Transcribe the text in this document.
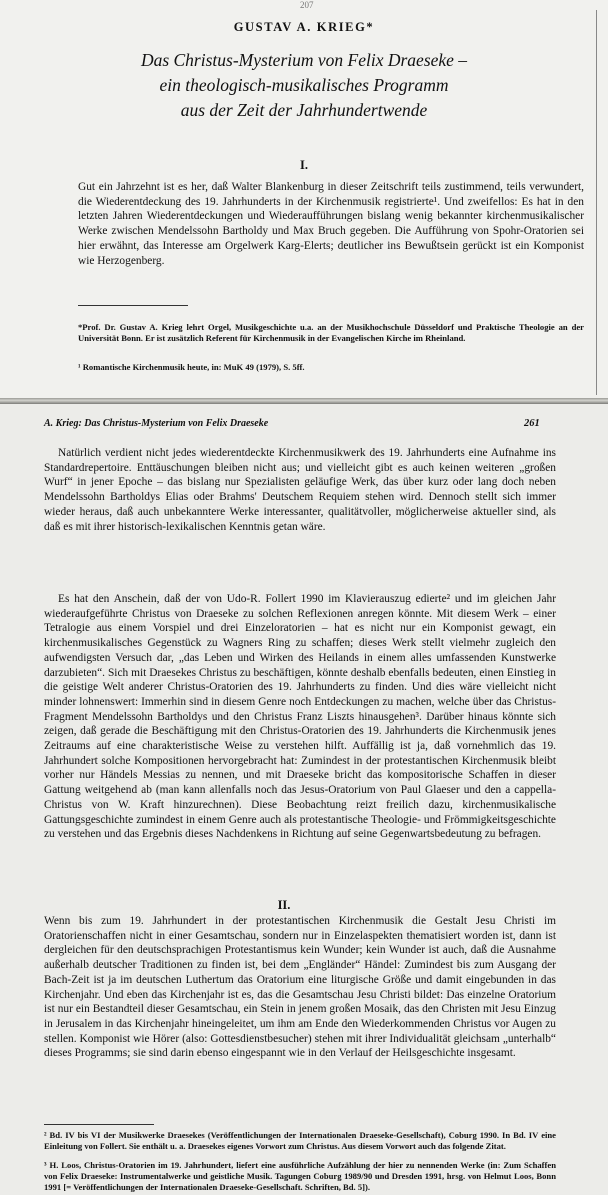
207
GUSTAV A. KRIEG*
Das Christus-Mysterium von Felix Draeseke –
ein theologisch-musikalisches Programm
aus der Zeit der Jahrhundertwende
I.

Gut ein Jahrzehnt ist es her, daß Walter Blankenburg in dieser Zeitschrift teils zustimmend, teils verwundert, die Wiederentdeckung des 19. Jahrhunderts in der Kirchenmusik registrierte¹. Und zweifellos: Es hat in den letzten Jahren Wiederentdeckungen und Wiederaufführungen bislang wenig bekannter kirchenmusikalischer Werke zwischen Mendelssohn Bartholdy und Max Bruch gegeben. Die Aufführung von Spohr-Oratorien sei hier erwähnt, das Interesse am Orgelwerk Karg-Elerts; deutlicher ins Bewußtsein gerückt ist ein Komponist wie Herzogenberg.

*Prof. Dr. Gustav A. Krieg lehrt Orgel, Musikgeschichte u.a. an der Musikhochschule Düsseldorf und Praktische Theologie an der Universität Bonn. Er ist zusätzlich Referent für Kirchenmusik in der Evangelischen Kirche im Rheinland.

¹ Romantische Kirchenmusik heute, in: MuK 49 (1979), S. 5ff.

A. Krieg: Das Christus-Mysterium von Felix Draeseke	261

Natürlich verdient nicht jedes wiederentdeckte Kirchenmusikwerk des 19. Jahrhunderts eine Aufnahme ins Standardrepertoire. Enttäuschungen bleiben nicht aus; und vielleicht gibt es auch keinen weiteren „großen Wurf“ in jener Epoche – das bislang nur Spezialisten geläufige Werk, das über kurz oder lang doch neben Mendelssohn Bartholdys Elias oder Brahms' Deutschem Requiem stehen wird. Dennoch stellt sich immer wieder heraus, daß auch unbekanntere Werke interessanter, qualitätvoller, möglicherweise aktueller sind, als daß es mit ihrer historisch-lexikalischen Kenntnis getan wäre.

Es hat den Anschein, daß der von Udo-R. Follert 1990 im Klavierauszug edierte² und im gleichen Jahr wiederaufgeführte Christus von Draeseke zu solchen Reflexionen anregen könnte. Mit diesem Werk – einer Tetralogie aus einem Vorspiel und drei Einzeloratorien – hat es nicht nur ein Komponist gewagt, ein kirchenmusikalisches Gegenstück zu Wagners Ring zu schaffen; dieses Werk stellt vielmehr zugleich den aufwendigsten Versuch dar, „das Leben und Wirken des Heilands in einem alles umfassenden Kunstwerke darzubieten“. Sich mit Draesekes Christus zu beschäftigen, könnte deshalb ebenfalls bedeuten, einen Einstieg in die geistige Welt anderer Christus-Oratorien des 19. Jahrhunderts zu finden. Und dies wäre vielleicht nicht minder lohnenswert: Immerhin sind in diesem Genre noch Entdeckungen zu machen, welche über das Christus-Fragment Mendelssohn Bartholdys und den Christus Franz Liszts hinausgehen³. Darüber hinaus könnte sich zeigen, daß gerade die Beschäftigung mit den Christus-Oratorien des 19. Jahrhunderts die Kirchenmusik jenes Zeitraums auf eine charakteristische Weise zu verstehen hilft. Auffällig ist ja, daß vornehmlich das 19. Jahrhundert solche Kompositionen hervorgebracht hat: Zumindest in der protestantischen Kirchenmusik bleibt vorher nur Händels Messias zu nennen, und mit Draeseke bricht das kompositorische Schaffen in dieser Gattung weitgehend ab (man kann allenfalls noch das Jesus-Oratorium von Paul Glaeser und den a cappella-Christus von W. Kraft hinzurechnen). Diese Beobachtung reizt freilich dazu, kirchenmusikalische Gattungsgeschichte zumindest in einem Genre auch als protestantische Theologie- und Frömmigkeitsgeschichte zu verstehen und das Ergebnis dieses Nachdenkens in Richtung auf seine Gegenwartsbedeutung zu befragen.

II.

Wenn bis zum 19. Jahrhundert in der protestantischen Kirchenmusik die Gestalt Jesu Christi im Oratorienschaffen nicht in einer Gesamtschau, sondern nur in Einzelaspekten thematisiert worden ist, dann ist dergleichen für den deutschsprachigen Protestantismus kein Wunder; kein Wunder ist auch, daß die Ausnahme außerhalb deutscher Traditionen zu finden ist, bei dem „Engländer“ Händel: Zumindest bis zum Ausgang der Bach-Zeit ist ja im deutschen Luthertum das Oratorium eine liturgische Größe und damit eingebunden in das Kirchenjahr. Und eben das Kirchenjahr ist es, das die Gesamtschau Jesu Christi bildet: Das einzelne Oratorium ist nur ein Bestandteil dieser Gesamtschau, ein Stein in jenem großen Mosaik, das den Christen mit Jesu Einzug in Jerusalem in das Kirchenjahr hineingeleitet, um ihm am Ende den Wiederkommenden Christus vor Augen zu stellen. Komponist wie Hörer (also: Gottesdienstbesucher) stehen mit ihrer Individualität gleichsam „unterhalb“ dieses Programms; sie sind darin ebenso eingespannt wie in den Verlauf der Heilsgeschichte insgesamt.

² Bd. IV bis VI der Musikwerke Draesekes (Veröffentlichungen der Internationalen Draeseke-Gesellschaft), Coburg 1990. In Bd. IV eine Einleitung von Follert. Sie enthält u. a. Draesekes eigenes Vorwort zum Christus. Aus diesem Vorwort auch das folgende Zitat.

³ H. Loos, Christus-Oratorien im 19. Jahrhundert, liefert eine ausführliche Aufzählung der hier zu nennenden Werke (in: Zum Schaffen von Felix Draeseke: Instrumentalwerke und geistliche Musik. Tagungen Coburg 1989/90 und Dresden 1991, hrsg. von Helmut Loos, Bonn 1991 [= Veröffentlichungen der Internationalen Draeseke-Gesellschaft. Schriften, Bd. 5]).
